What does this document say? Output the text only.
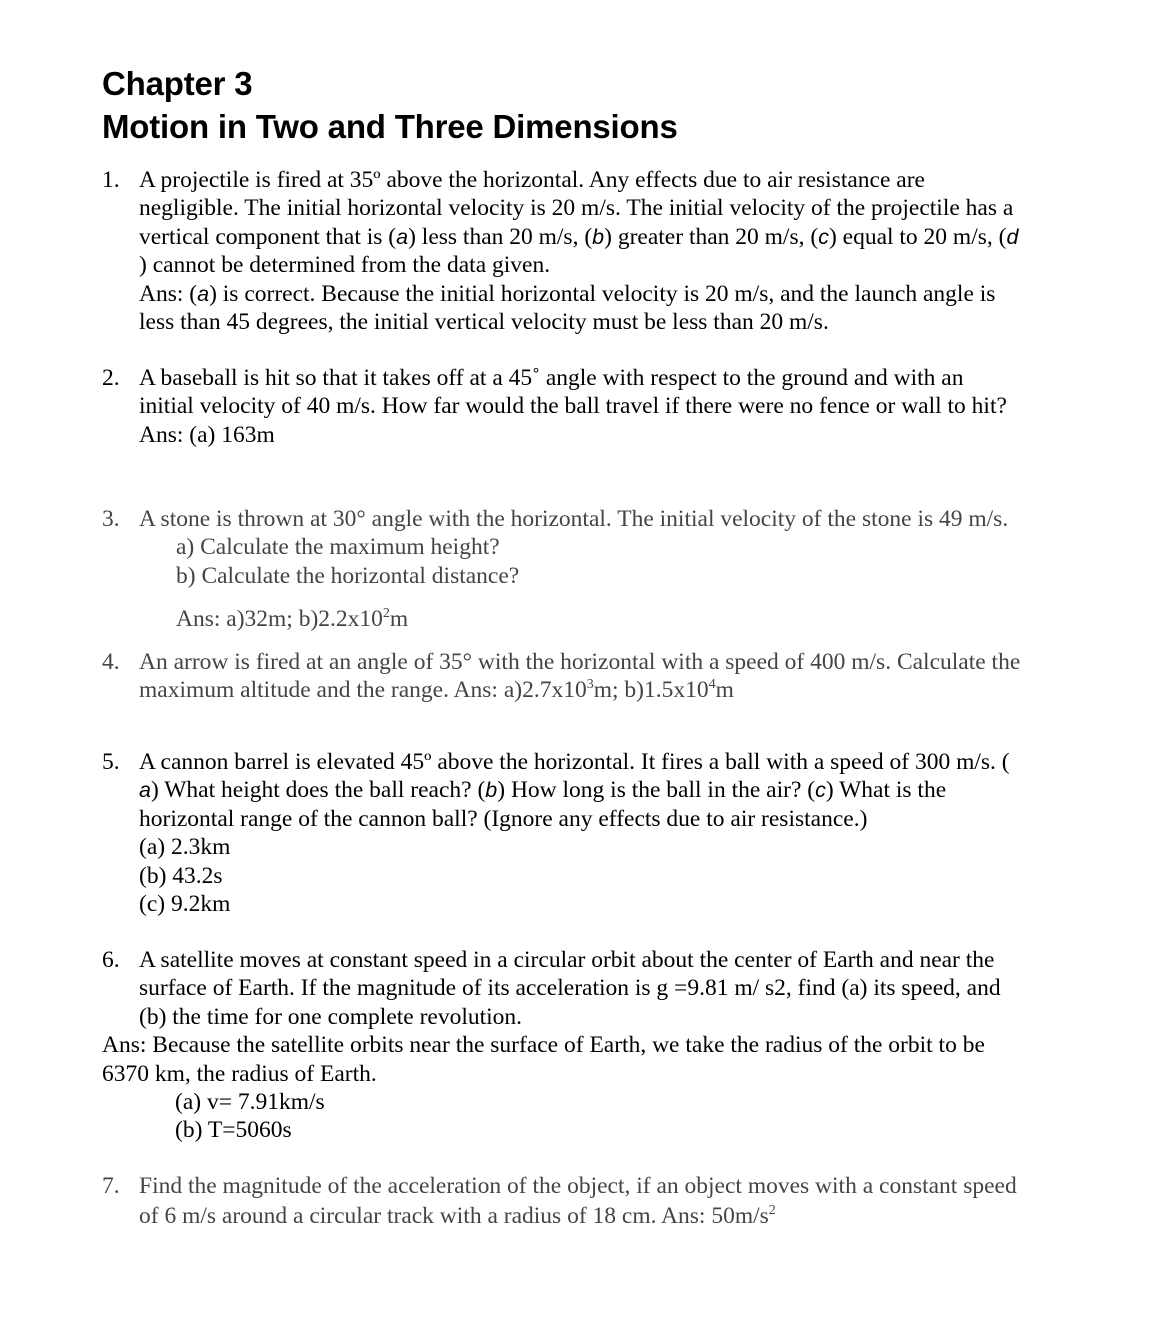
Chapter 3
Motion in Two and Three Dimensions
1. A projectile is fired at 35º above the horizontal. Any effects due to air resistance are
negligible. The initial horizontal velocity is 20 m/s. The initial velocity of the projectile has a
vertical component that is (a) less than 20 m/s, (b) greater than 20 m/s, (c) equal to 20 m/s, (d
) cannot be determined from the data given.
Ans: (a) is correct. Because the initial horizontal velocity is 20 m/s, and the launch angle is
less than 45 degrees, the initial vertical velocity must be less than 20 m/s.
2. A baseball is hit so that it takes off at a 45˚ angle with respect to the ground and with an
initial velocity of 40 m/s. How far would the ball travel if there were no fence or wall to hit?
Ans: (a) 163m
3. A stone is thrown at 30° angle with the horizontal. The initial velocity of the stone is 49 m/s.
a) Calculate the maximum height?
b) Calculate the horizontal distance?
Ans: a)32m; $b)2.2x10^2m$
4. An arrow is fired at an angle of 35° with the horizontal with a speed of 400 m/s. Calculate the
maximum altitude and the range. Ans: $a)2.7x10^3m$; $b)1.5x10^4m$
5. A cannon barrel is elevated 45º above the horizontal. It fires a ball with a speed of 300 m/s. (
a) What height does the ball reach? (b) How long is the ball in the air? (c) What is the
horizontal range of the cannon ball? (Ignore any effects due to air resistance.)
(a) 2.3km
(b) 43.2s
(c) 9.2km
6. A satellite moves at constant speed in a circular orbit about the center of Earth and near the
surface of Earth. If the magnitude of its acceleration is g =9.81 m/ s2, find (a) its speed, and
(b) the time for one complete revolution.
Ans: Because the satellite orbits near the surface of Earth, we take the radius of the orbit to be
6370 km, the radius of Earth.
(a) v= 7.91km/s
(b) T=5060s
7. Find the magnitude of the acceleration of the object, if an object moves with a constant speed
of 6 m/s around a circular track with a radius of 18 cm. Ans: $50m/s^2$
